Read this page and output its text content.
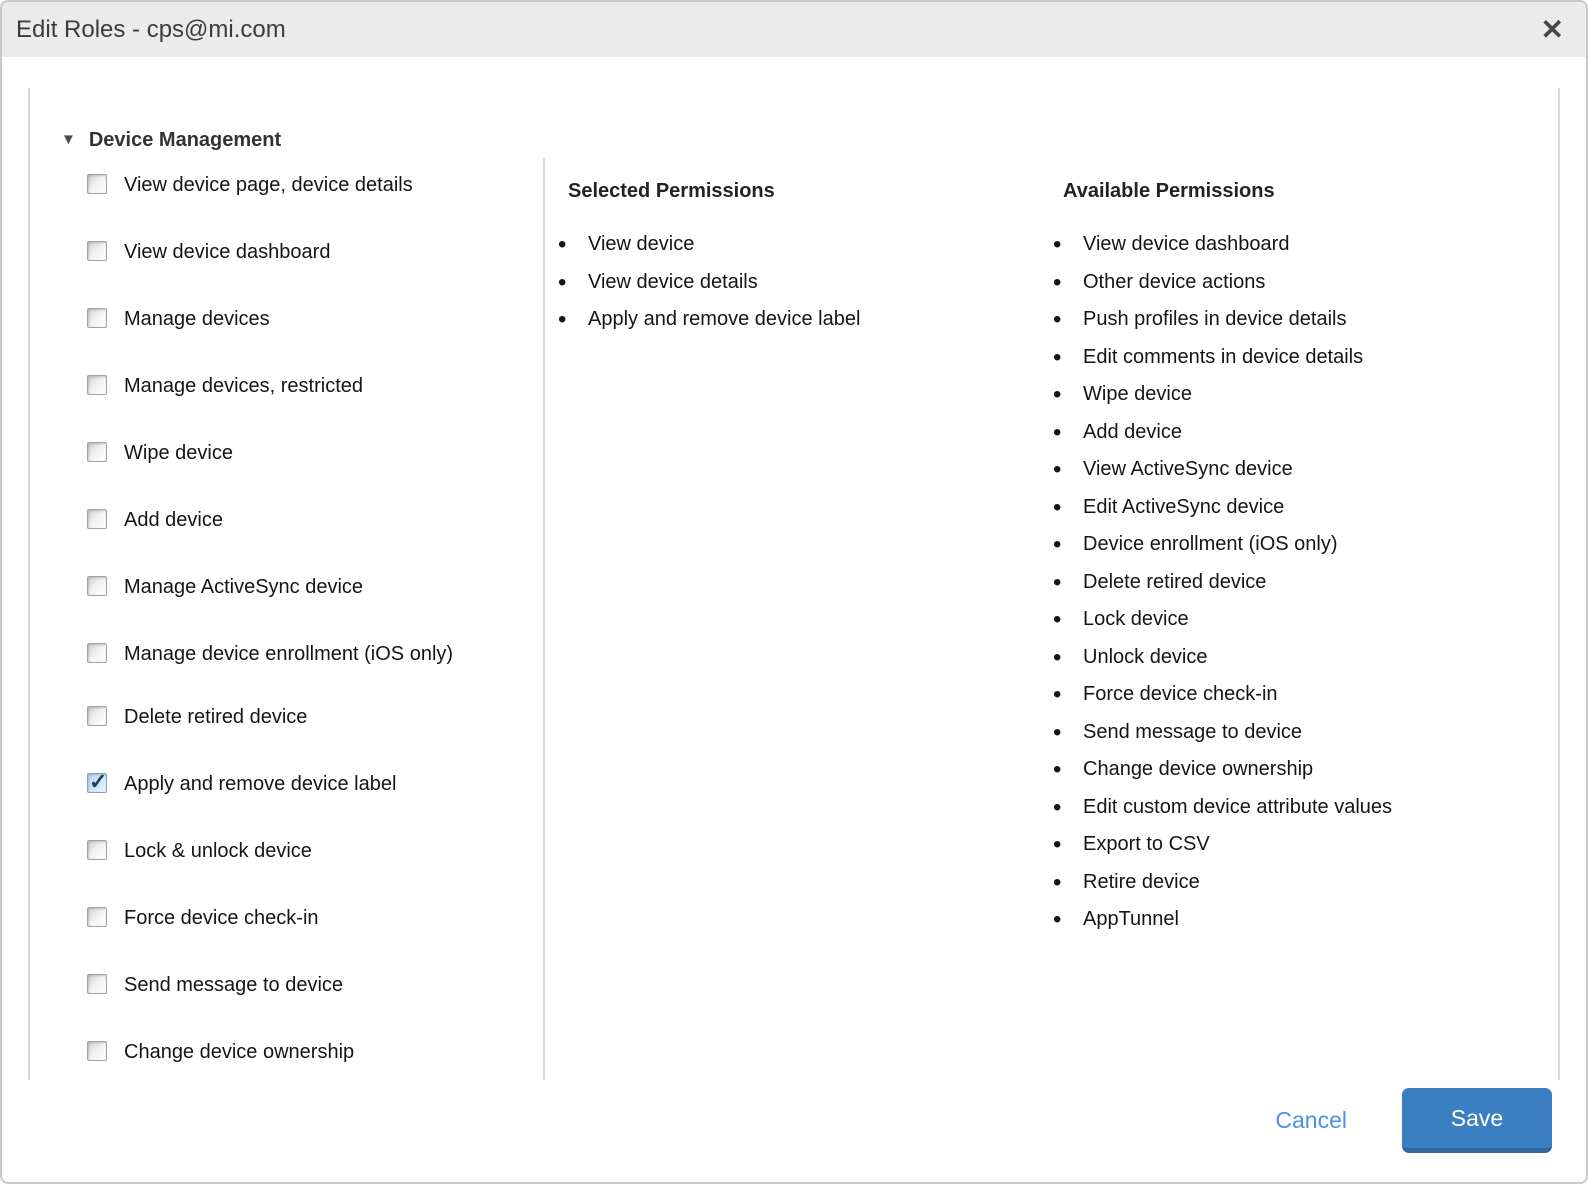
Edit Roles - cps@mi.com	✕
▼ Device Management
View device page, device details
View device dashboard
Manage devices
Manage devices, restricted
Wipe device
Add device
Manage ActiveSync device
Manage device enrollment (iOS only)
Delete retired device
✓ Apply and remove device label
Lock & unlock device
Force device check-in
Send message to device
Change device ownership
Selected Permissions
• View device
• View device details
• Apply and remove device label
Available Permissions
• View device dashboard
• Other device actions
• Push profiles in device details
• Edit comments in device details
• Wipe device
• Add device
• View ActiveSync device
• Edit ActiveSync device
• Device enrollment (iOS only)
• Delete retired device
• Lock device
• Unlock device
• Force device check-in
• Send message to device
• Change device ownership
• Edit custom device attribute values
• Export to CSV
• Retire device
• AppTunnel
Cancel	Save
